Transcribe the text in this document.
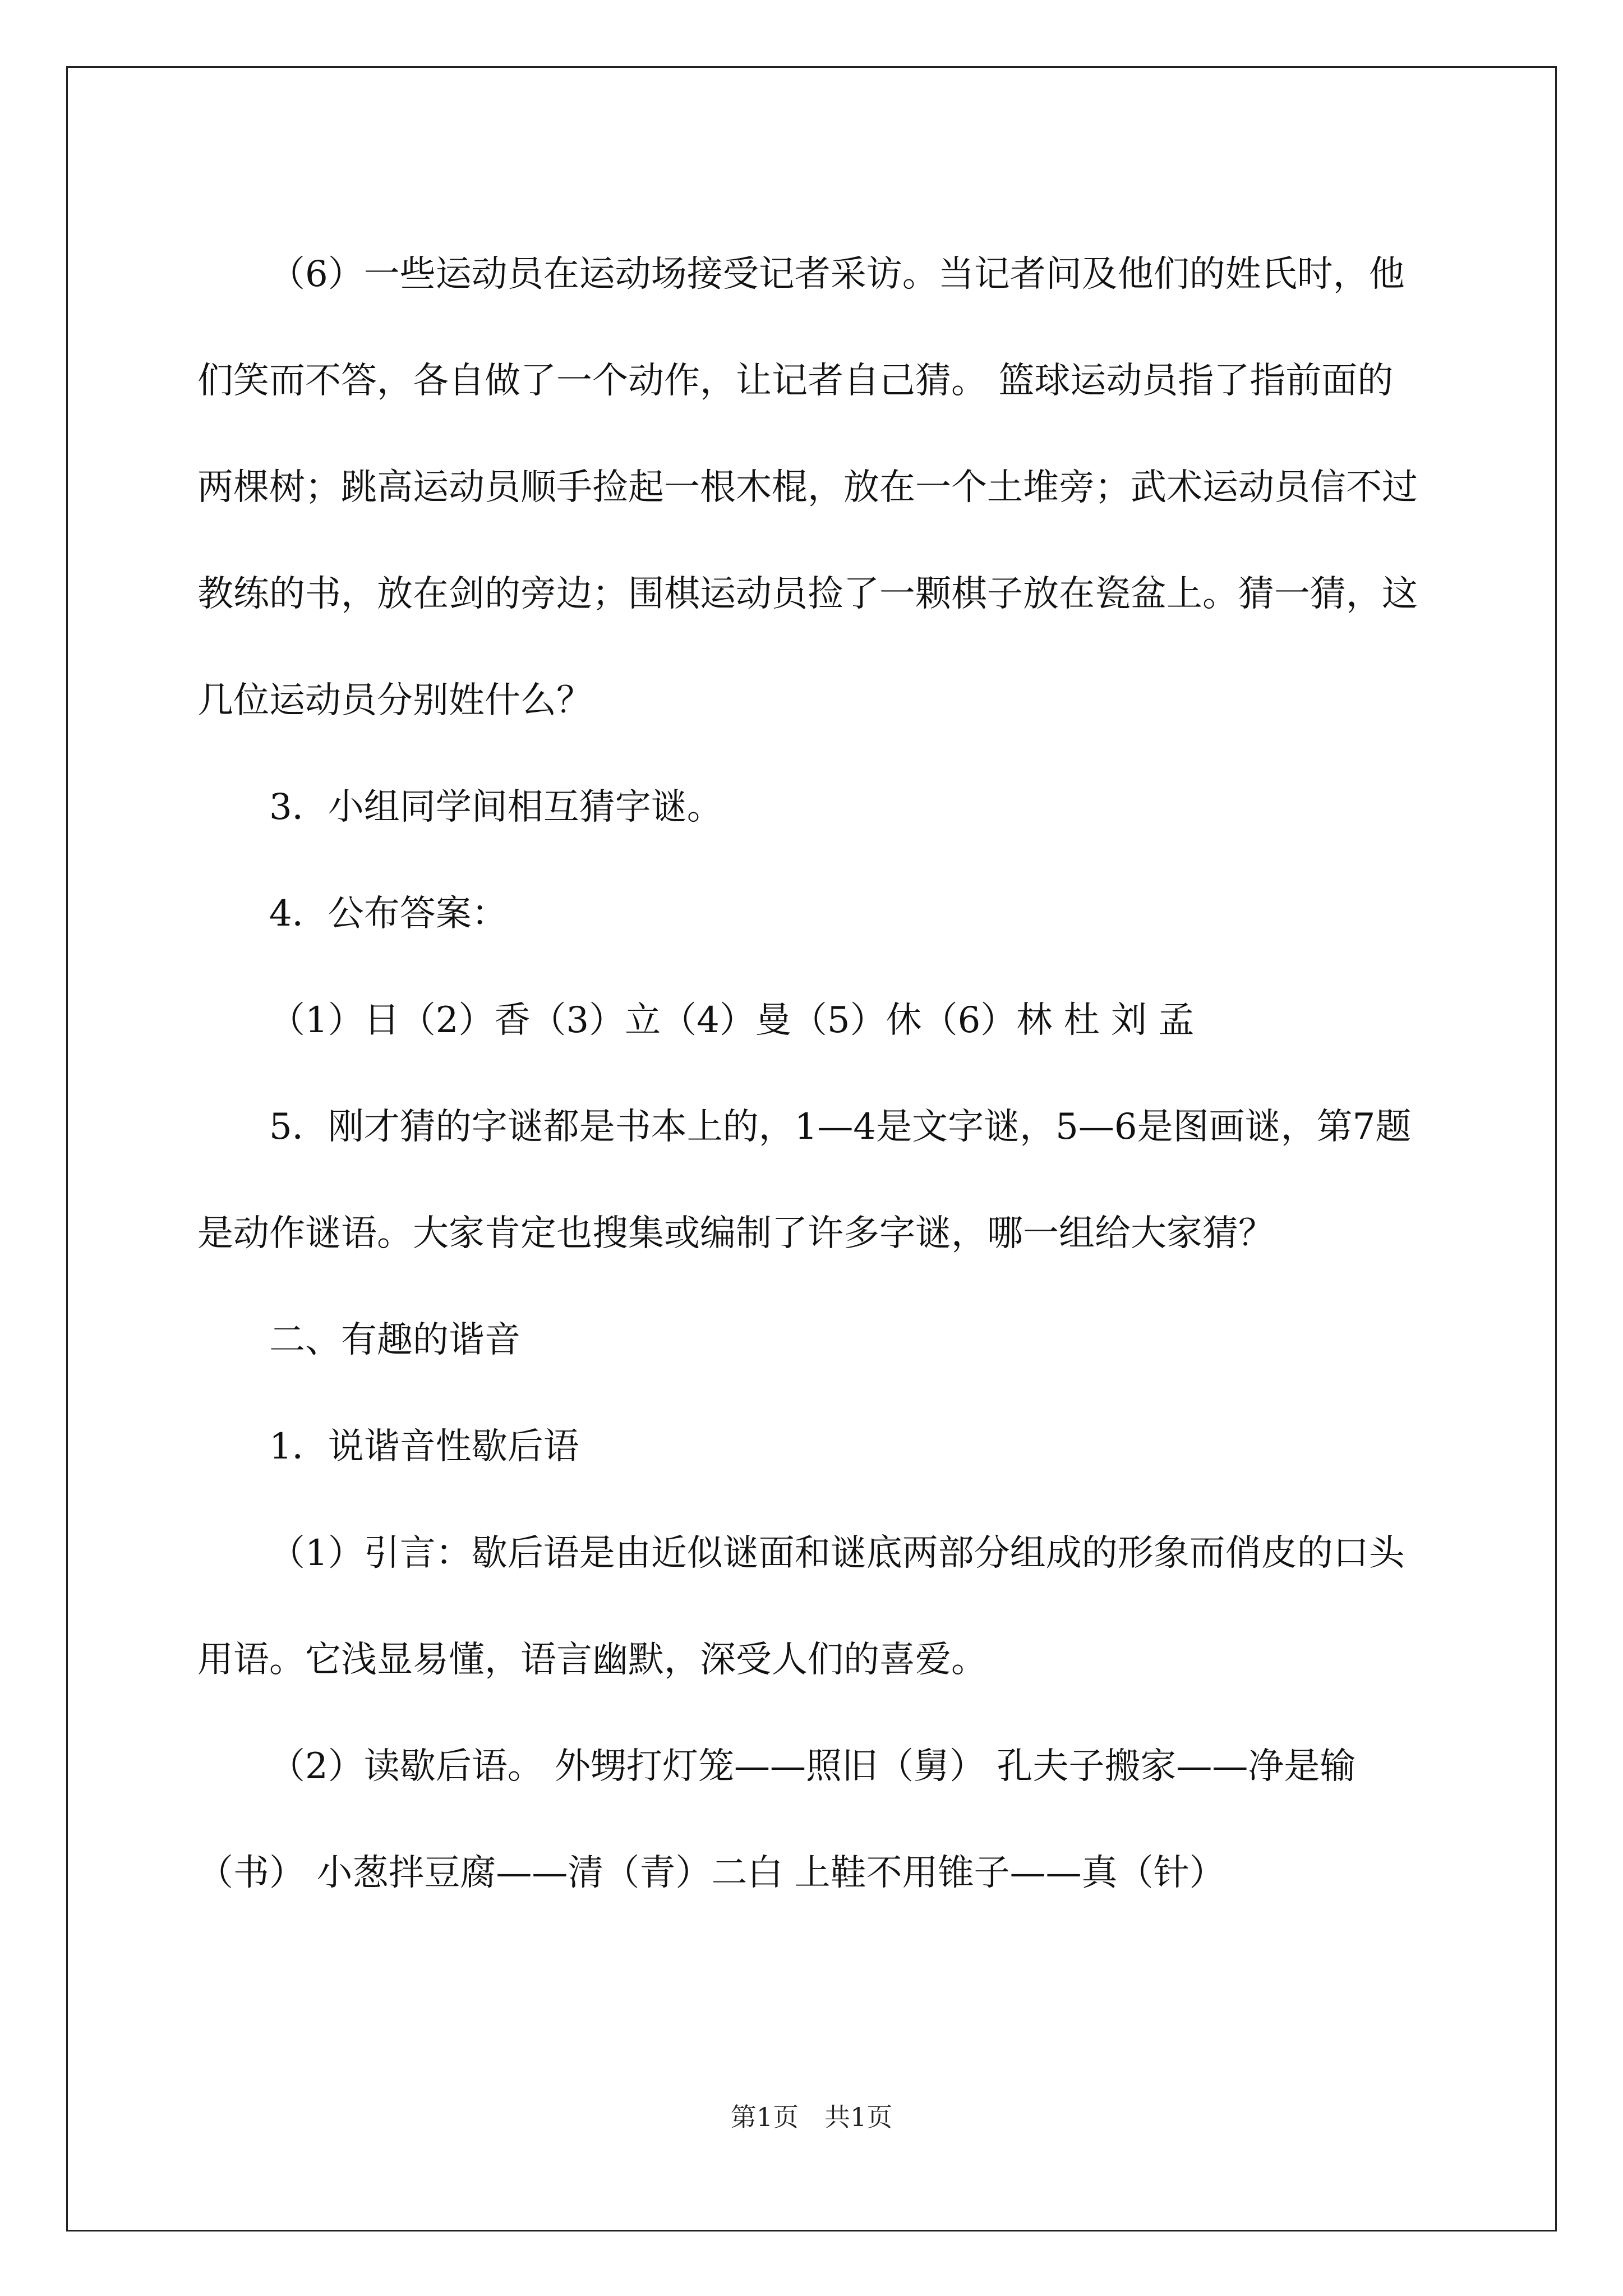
（6）一些运动员在运动场接受记者采访。当记者问及他们的姓氏时，他们笑而不答，各自做了一个动作，让记者自己猜。 篮球运动员指了指前面的两棵树；跳高运动员顺手捡起一根木棍，放在一个土堆旁；武术运动员信不过教练的书，放在剑的旁边；围棋运动员捡了一颗棋子放在瓷盆上。猜一猜，这几位运动员分别姓什么？

3．小组同学间相互猜字谜。

4．公布答案：

（1）日（2）香（3）立（4）曼（5）休（6）林 杜 刘 孟

5．刚才猜的字谜都是书本上的，1—4是文字谜，5—6是图画谜，第7题是动作谜语。大家肯定也搜集或编制了许多字谜，哪一组给大家猜？

二、有趣的谐音

1．说谐音性歇后语

（1）引言：歇后语是由近似谜面和谜底两部分组成的形象而俏皮的口头用语。它浅显易懂，语言幽默，深受人们的喜爱。

（2）读歇后语。 外甥打灯笼——照旧（舅） 孔夫子搬家——净是输（书） 小葱拌豆腐——清（青）二白 上鞋不用锥子——真（针）

第1页　共1页
